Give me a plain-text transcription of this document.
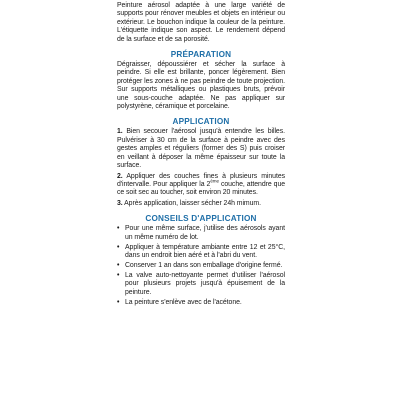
Peinture aérosol adaptée à une large variété de supports pour rénover meubles et objets en intérieur ou extérieur. Le bouchon indique la couleur de la peinture. L'étiquette indique son aspect. Le rendement dépend de la surface et de sa porosité.

PRÉPARATION

Dégraisser, dépoussiérer et sécher la surface à peindre. Si elle est brillante, poncer légèrement. Bien protéger les zones à ne pas peindre de toute projection. Sur supports métalliques ou plastiques bruts, prévoir une sous-couche adaptée. Ne pas appliquer sur polystyrène, céramique et porcelaine.

APPLICATION

1. Bien secouer l'aérosol jusqu'à entendre les billes. Pulvériser à 30 cm de la surface à peindre avec des gestes amples et réguliers (former des S) puis croiser en veillant à déposer la même épaisseur sur toute la surface.

2. Appliquer des couches fines à plusieurs minutes d'intervalle. Pour appliquer la 2ème couche, attendre que ce soit sec au toucher, soit environ 20 minutes.

3. Après application, laisser sécher 24h mimum.

CONSEILS D'APPLICATION
• Pour une même surface, j'utilise des aérosols ayant un même numéro de lot.
• Appliquer à température ambiante entre 12 et 25°C, dans un endroit bien aéré et à l'abri du vent.
• Conserver 1 an dans son emballage d'origine fermé.
• La valve auto-nettoyante permet d'utiliser l'aérosol pour plusieurs projets jusqu'à épuisement de la peinture.
• La peinture s'enlève avec de l'acétone.
